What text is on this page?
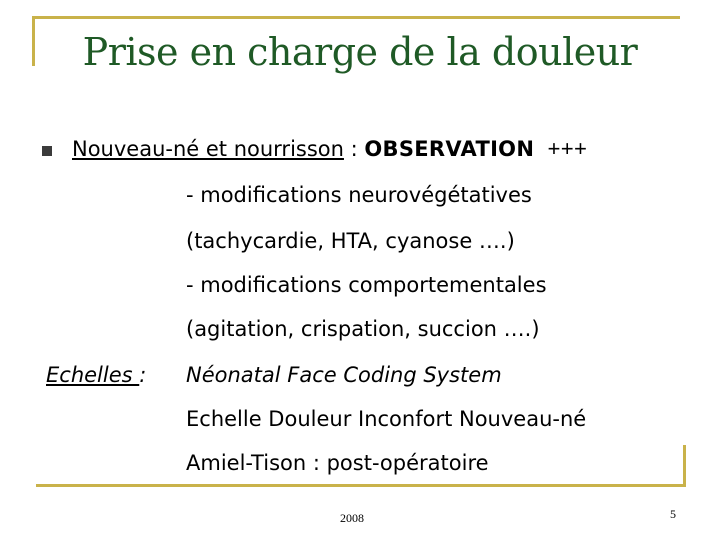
Prise en charge de la douleur
Nouveau-né et nourrisson : OBSERVATION +++
- modifications neurovégétatives
(tachycardie, HTA, cyanose ….)
- modifications comportementales
(agitation, crispation, succion ….)
Echelles : Néonatal Face Coding System
Echelle Douleur Inconfort Nouveau-né
Amiel-Tison : post-opératoire
2008	5
